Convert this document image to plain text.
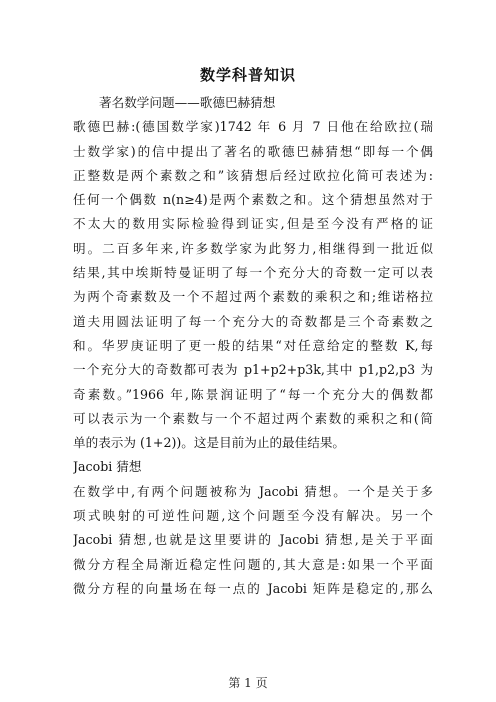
数学科普知识
著名数学问题——歌德巴赫猜想
歌德巴赫:(德国数学家)1742 年 6 月 7 日他在给欧拉(瑞
士数学家)的信中提出了著名的歌德巴赫猜想“即每一个偶
正整数是两个素数之和”该猜想后经过欧拉化简可表述为:
任何一个偶数 n(n≥4)是两个素数之和。这个猜想虽然对于
不太大的数用实际检验得到证实,但是至今没有严格的证
明。二百多年来,许多数学家为此努力,相继得到一批近似
结果,其中埃斯特曼证明了每一个充分大的奇数一定可以表
为两个奇素数及一个不超过两个素数的乘积之和;维诺格拉
道夫用圆法证明了每一个充分大的奇数都是三个奇素数之
和。华罗庚证明了更一般的结果“对任意给定的整数 K,每
一个充分大的奇数都可表为 p1+p2+p3k,其中 p1,p2,p3 为
奇素数。”1966 年,陈景润证明了“每一个充分大的偶数都
可以表示为一个素数与一个不超过两个素数的乘积之和(简
单的表示为 (1+2))。这是目前为止的最佳结果。
Jacobi 猜想
在数学中,有两个问题被称为 Jacobi 猜想。一个是关于多
项式映射的可逆性问题,这个问题至今没有解决。另一个
Jacobi 猜想,也就是这里要讲的 Jacobi 猜想,是关于平面
微分方程全局渐近稳定性问题的,其大意是:如果一个平面
微分方程的向量场在每一点的 Jacobi 矩阵是稳定的,那么
第 1 页
